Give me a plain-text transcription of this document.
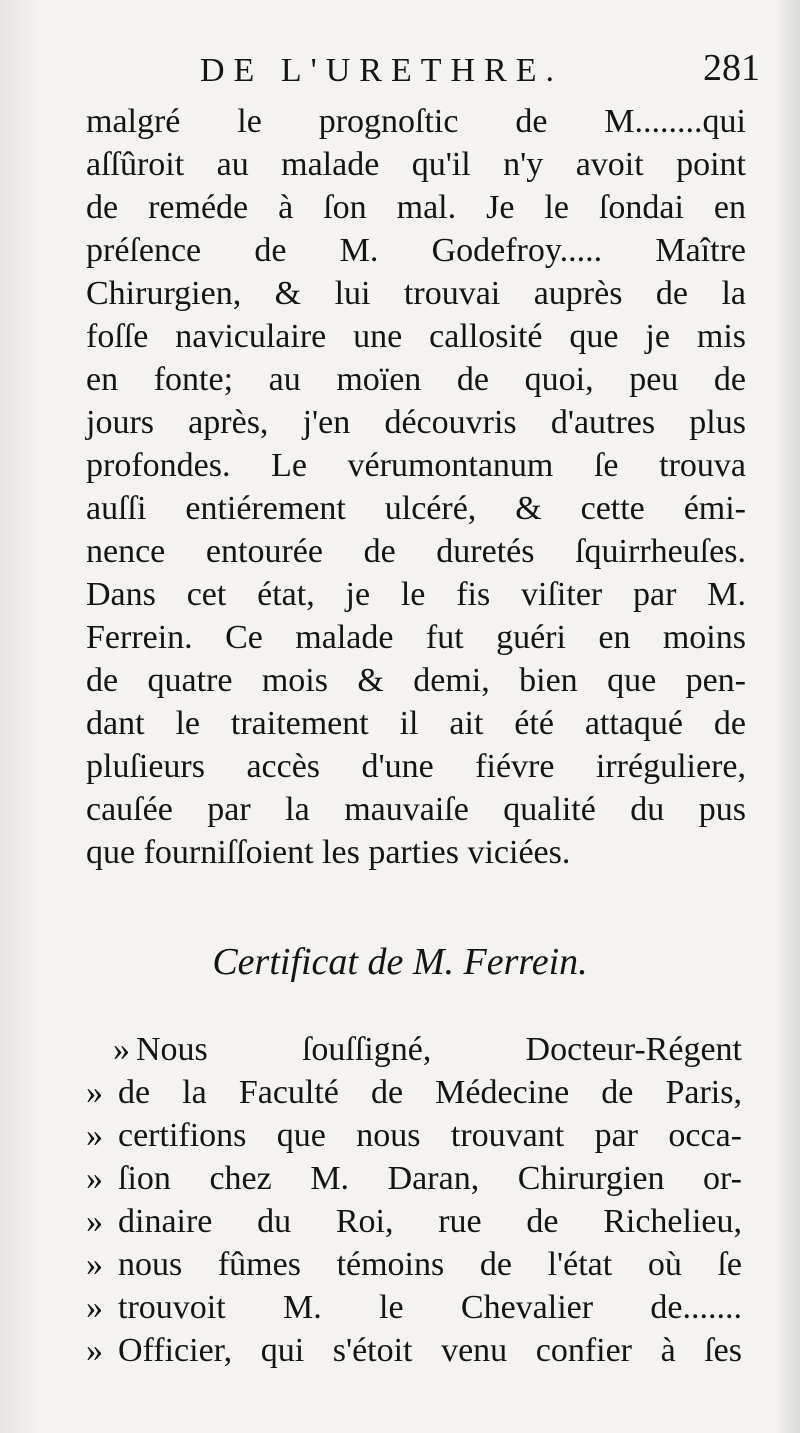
DE L'URETHRE.	281
malgré le prognoſtic de M........qui
aſſûroit au malade qu'il n'y avoit point
de reméde à ſon mal. Je le ſondai en
préſence de M. Godefroy..... Maître
Chirurgien, & lui trouvai auprès de la
foſſe naviculaire une callosité que je mis
en fonte; au moïen de quoi, peu de
jours après, j'en découvris d'autres plus
profondes. Le vérumontanum ſe trouva
auſſi entiérement ulcéré, & cette émi-
nence entourée de duretés ſquirrheuſes.
Dans cet état, je le fis viſiter par M.
Ferrein. Ce malade fut guéri en moins
de quatre mois & demi, bien que pen-
dant le traitement il ait été attaqué de
pluſieurs accès d'une fiévre irréguliere,
cauſée par la mauvaiſe qualité du pus
que fourniſſoient les parties viciées.
Certificat de M. Ferrein.
» Nous ſouſſigné, Docteur-Régent
» de la Faculté de Médecine de Paris,
» certifions que nous trouvant par occa-
» ſion chez M. Daran, Chirurgien or-
» dinaire du Roi, rue de Richelieu,
» nous fûmes témoins de l'état où ſe
» trouvoit M. le Chevalier de.......
» Officier, qui s'étoit venu confier à ſes
